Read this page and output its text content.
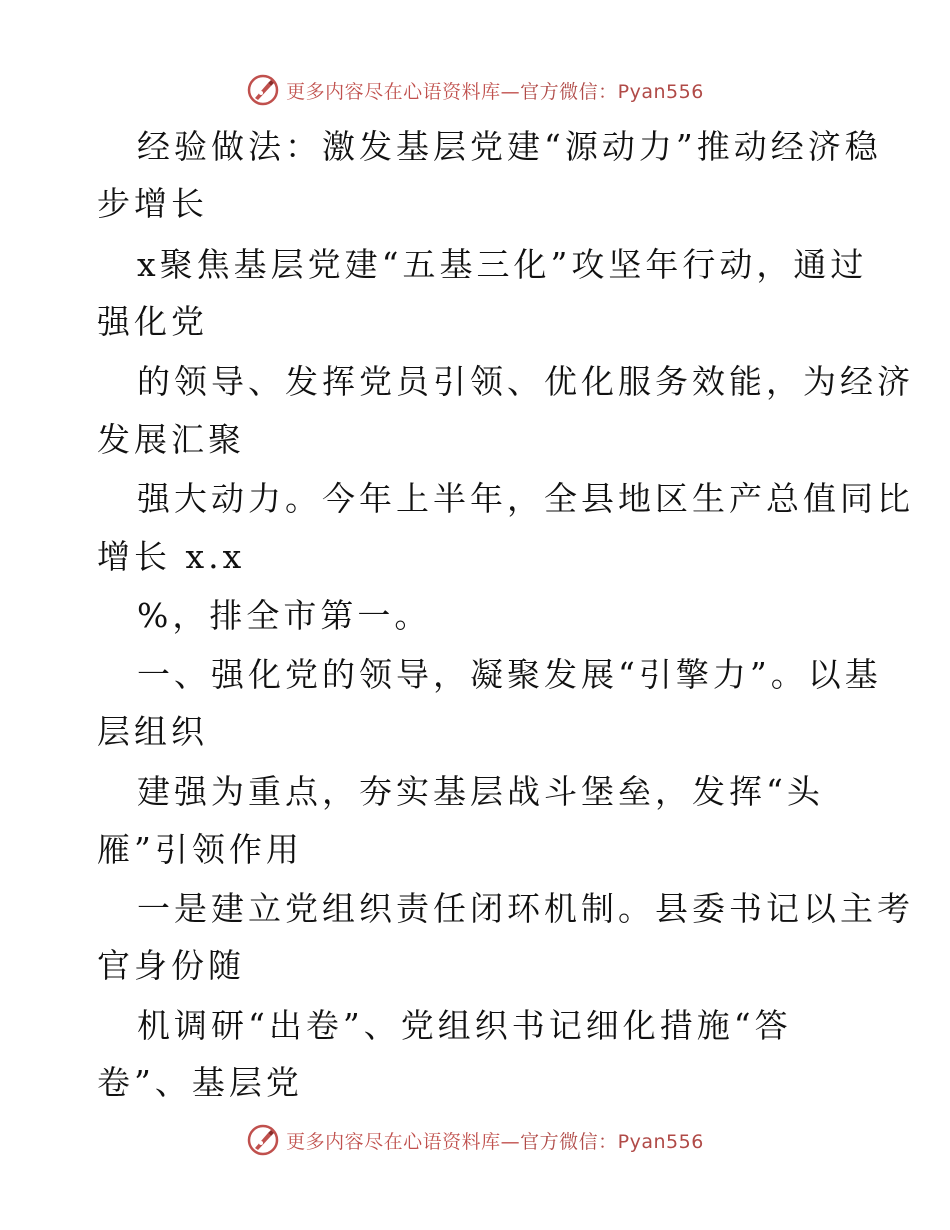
更多内容尽在心语资料库—官方微信：Pyan556
经验做法：激发基层党建“源动力”推动经济稳
步增长
x聚焦基层党建“五基三化”攻坚年行动，通过
强化党
的领导、发挥党员引领、优化服务效能，为经济
发展汇聚
强大动力。今年上半年，全县地区生产总值同比
增长 x.x
%，排全市第一。
一、强化党的领导，凝聚发展“引擎力”。以基
层组织
建强为重点，夯实基层战斗堡垒，发挥“头
雁”引领作用
一是建立党组织责任闭环机制。县委书记以主考
官身份随
机调研“出卷”、党组织书记细化措施“答
卷”、基层党
更多内容尽在心语资料库—官方微信：Pyan556
